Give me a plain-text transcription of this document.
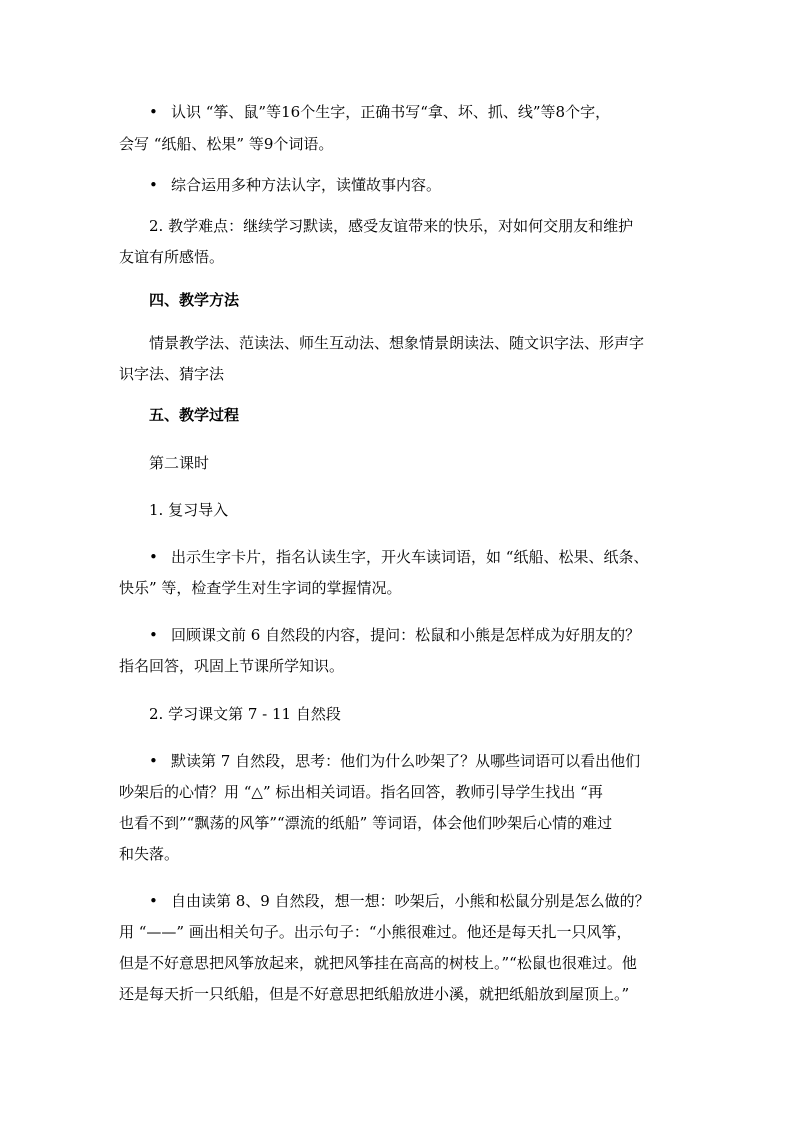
• 认识 “筝、鼠”等16个生字，正确书写“拿、坏、抓、线”等8个字，
会写 “纸船、松果” 等9个词语。
• 综合运用多种方法认字，读懂故事内容。
2. 教学难点：继续学习默读，感受友谊带来的快乐，对如何交朋友和维护
友谊有所感悟。
四、教学方法
情景教学法、范读法、师生互动法、想象情景朗读法、随文识字法、形声字
识字法、猜字法
五、教学过程
第二课时
1. 复习导入
• 出示生字卡片，指名认读生字，开火车读词语，如 “纸船、松果、纸条、
快乐” 等，检查学生对生字词的掌握情况。
• 回顾课文前 6 自然段的内容，提问：松鼠和小熊是怎样成为好朋友的？
指名回答，巩固上节课所学知识。
2. 学习课文第 7 - 11 自然段
• 默读第 7 自然段，思考：他们为什么吵架了？从哪些词语可以看出他们
吵架后的心情？用 “△” 标出相关词语。指名回答，教师引导学生找出 “再
也看不到”“飘荡的风筝”“漂流的纸船” 等词语，体会他们吵架后心情的难过
和失落。
• 自由读第 8、9 自然段，想一想：吵架后，小熊和松鼠分别是怎么做的？
用 “——” 画出相关句子。出示句子：“小熊很难过。他还是每天扎一只风筝，
但是不好意思把风筝放起来，就把风筝挂在高高的树枝上。”“松鼠也很难过。他
还是每天折一只纸船，但是不好意思把纸船放进小溪，就把纸船放到屋顶上。”
